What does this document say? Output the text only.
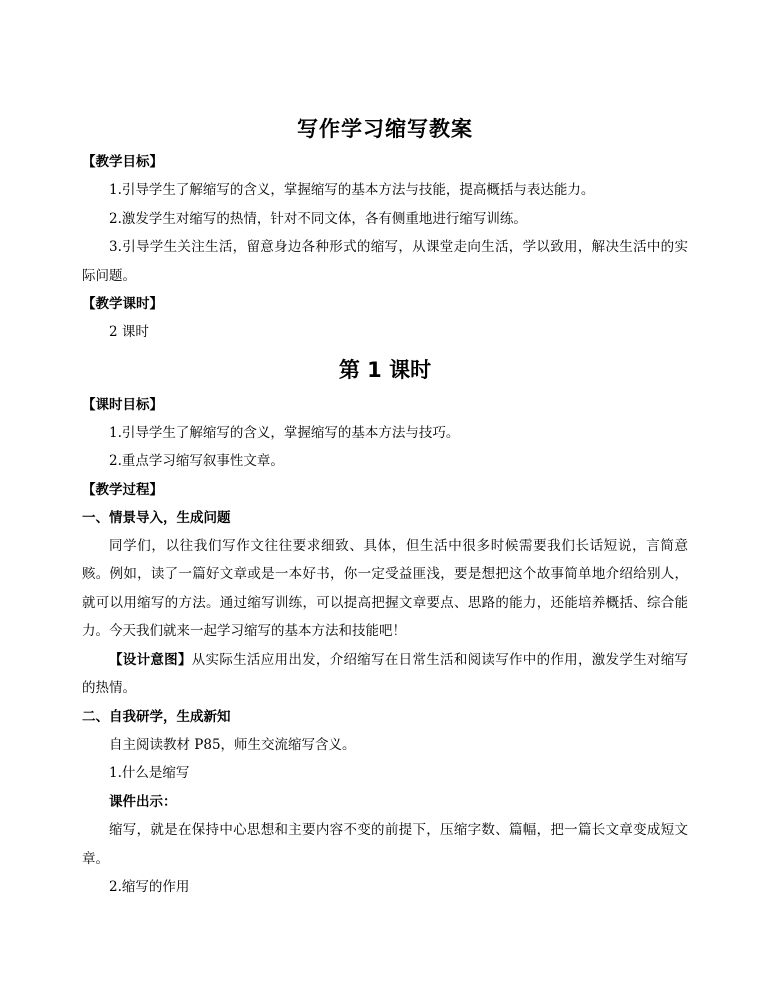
写作学习缩写教案

【教学目标】

1.引导学生了解缩写的含义，掌握缩写的基本方法与技能，提高概括与表达能力。

2.激发学生对缩写的热情，针对不同文体，各有侧重地进行缩写训练。

3.引导学生关注生活，留意身边各种形式的缩写，从课堂走向生活，学以致用，解决生活中的实际问题。

【教学课时】

2 课时

第 1 课时

【课时目标】

1.引导学生了解缩写的含义，掌握缩写的基本方法与技巧。

2.重点学习缩写叙事性文章。

【教学过程】

一、情景导入，生成问题

同学们，以往我们写作文往往要求细致、具体，但生活中很多时候需要我们长话短说，言简意赅。例如，读了一篇好文章或是一本好书，你一定受益匪浅，要是想把这个故事简单地介绍给别人，就可以用缩写的方法。通过缩写训练，可以提高把握文章要点、思路的能力，还能培养概括、综合能力。今天我们就来一起学习缩写的基本方法和技能吧！

【设计意图】从实际生活应用出发，介绍缩写在日常生活和阅读写作中的作用，激发学生对缩写的热情。

二、自我研学，生成新知

自主阅读教材 P85，师生交流缩写含义。

1.什么是缩写

课件出示：

缩写，就是在保持中心思想和主要内容不变的前提下，压缩字数、篇幅，把一篇长文章变成短文章。

2.缩写的作用
